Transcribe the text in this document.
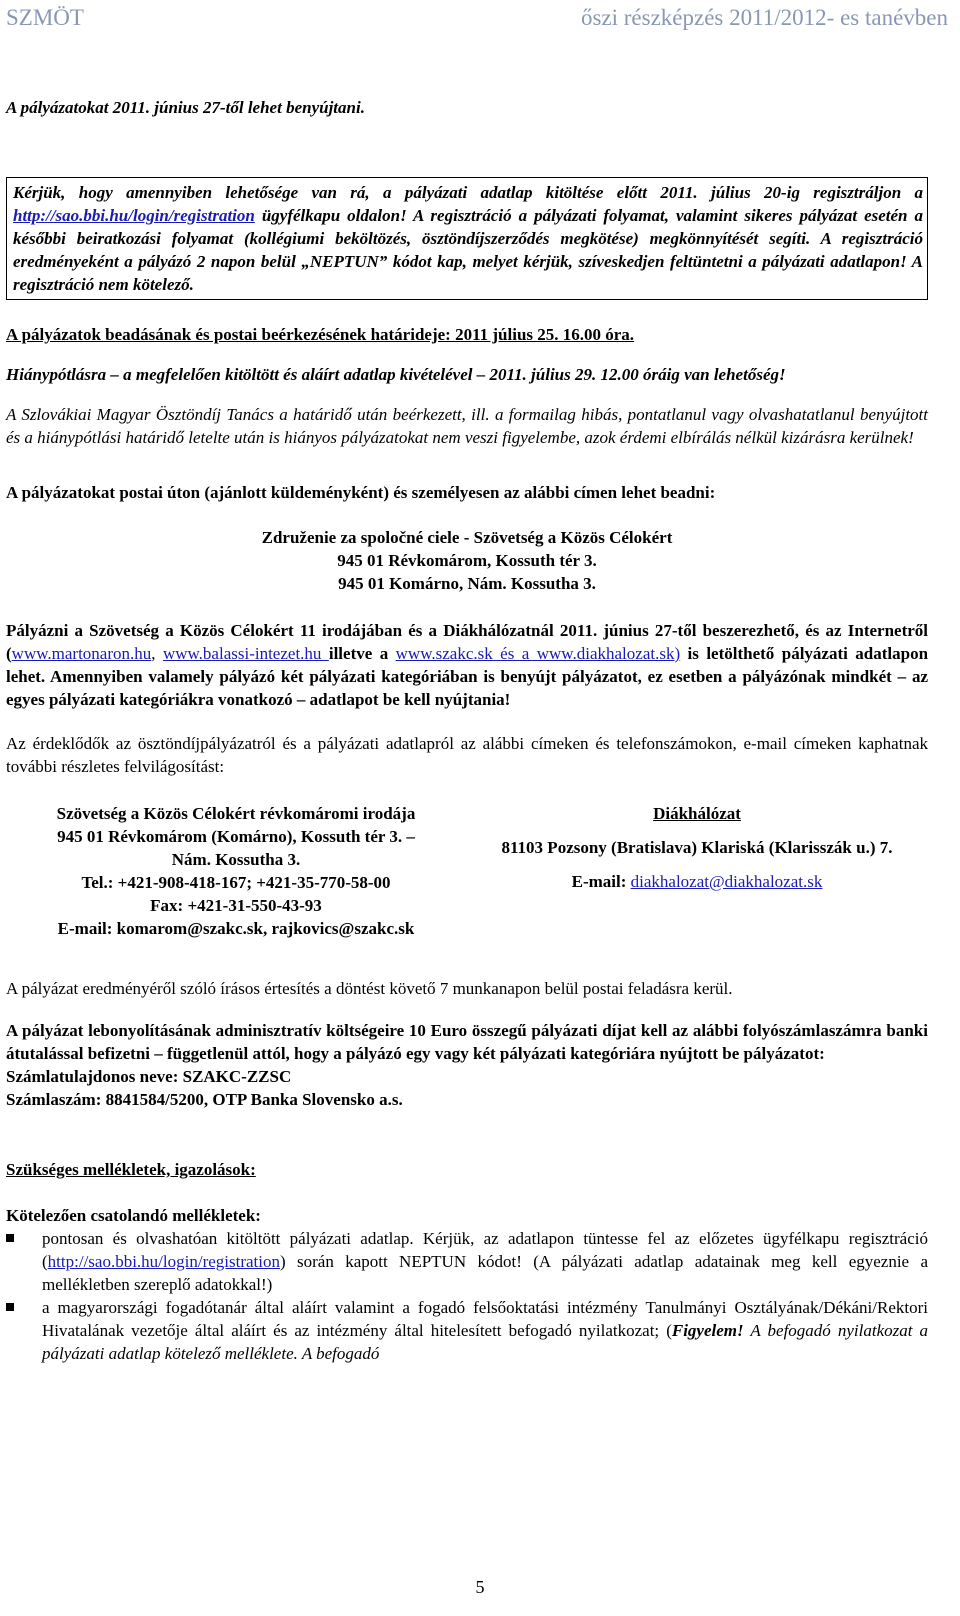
SZMÖT	őszi részképzés 2011/2012- es tanévben

A pályázatokat 2011. június 27-től lehet benyújtani.

Kérjük, hogy amennyiben lehetősége van rá, a pályázati adatlap kitöltése előtt 2011. július 20-ig regisztráljon a http://sao.bbi.hu/login/registration ügyfélkapu oldalon! A regisztráció a pályázati folyamat, valamint sikeres pályázat esetén a későbbi beiratkozási folyamat (kollégiumi beköltözés, ösztöndíjszerződés megkötése) megkönnyítését segíti. A regisztráció eredményeként a pályázó 2 napon belül „NEPTUN” kódot kap, melyet kérjük, szíveskedjen feltüntetni a pályázati adatlapon! A regisztráció nem kötelező.

A pályázatok beadásának és postai beérkezésének határideje: 2011 július 25. 16.00 óra.

Hiánypótlásra – a megfelelően kitöltött és aláírt adatlap kivételével – 2011. július 29. 12.00 óráig van lehetőség!

A Szlovákiai Magyar Ösztöndíj Tanács a határidő után beérkezett, ill. a formailag hibás, pontatlanul vagy olvashatatlanul benyújtott és a hiánypótlási határidő letelte után is hiányos pályázatokat nem veszi figyelembe, azok érdemi elbírálás nélkül kizárásra kerülnek!

A pályázatokat postai úton (ajánlott küldeményként) és személyesen az alábbi címen lehet beadni:

Združenie za spoločné ciele - Szövetség a Közös Célokért

945 01 Révkomárom, Kossuth tér 3.

945 01 Komárno, Nám. Kossutha 3.

Pályázni a Szövetség a Közös Célokért 11 irodájában és a Diákhálózatnál 2011. június 27-től beszerezhető, és az Internetről (www.martonaron.hu, www.balassi-intezet.hu illetve a www.szakc.sk és a www.diakhalozat.sk) is letölthető pályázati adatlapon lehet. Amennyiben valamely pályázó két pályázati kategóriában is benyújt pályázatot, ez esetben a pályázónak mindkét – az egyes pályázati kategóriákra vonatkozó – adatlapot be kell nyújtania!

Az érdeklődők az ösztöndíjpályázatról és a pályázati adatlapról az alábbi címeken és telefonszámokon, e-mail címeken kaphatnak további részletes felvilágosítást:

Szövetség a Közös Célokért révkomáromi irodája

945 01 Révkomárom (Komárno), Kossuth tér 3. –

Nám. Kossutha 3.

Tel.: +421-908-418-167; +421-35-770-58-00

Fax: +421-31-550-43-93

E-mail: komarom@szakc.sk, rajkovics@szakc.sk

Diákhálózat

81103 Pozsony (Bratislava) Klariská (Klarisszák u.) 7.

E-mail: diakhalozat@diakhalozat.sk

A pályázat eredményéről szóló írásos értesítés a döntést követő 7 munkanapon belül postai feladásra kerül.

A pályázat lebonyolításának adminisztratív költségeire 10 Euro összegű pályázati díjat kell az alábbi folyószámlaszámra banki átutalással befizetni – függetlenül attól, hogy a pályázó egy vagy két pályázati kategóriára nyújtott be pályázatot:

Számlatulajdonos neve: SZAKC-ZZSC

Számlaszám: 8841584/5200, OTP Banka Slovensko a.s.

Szükséges mellékletek, igazolások:

Kötelezően csatolandó mellékletek:

pontosan és olvashatóan kitöltött pályázati adatlap. Kérjük, az adatlapon tüntesse fel az előzetes ügyfélkapu regisztráció (http://sao.bbi.hu/login/registration) során kapott NEPTUN kódot! (A pályázati adatlap adatainak meg kell egyeznie a mellékletben szereplő adatokkal!)
a magyarországi fogadótanár által aláírt valamint a fogadó felsőoktatási intézmény Tanulmányi Osztályának/Dékáni/Rektori Hivatalának vezetője által aláírt és az intézmény által hitelesített befogadó nyilatkozat; (Figyelem! A befogadó nyilatkozat a pályázati adatlap kötelező melléklete. A befogadó
5
